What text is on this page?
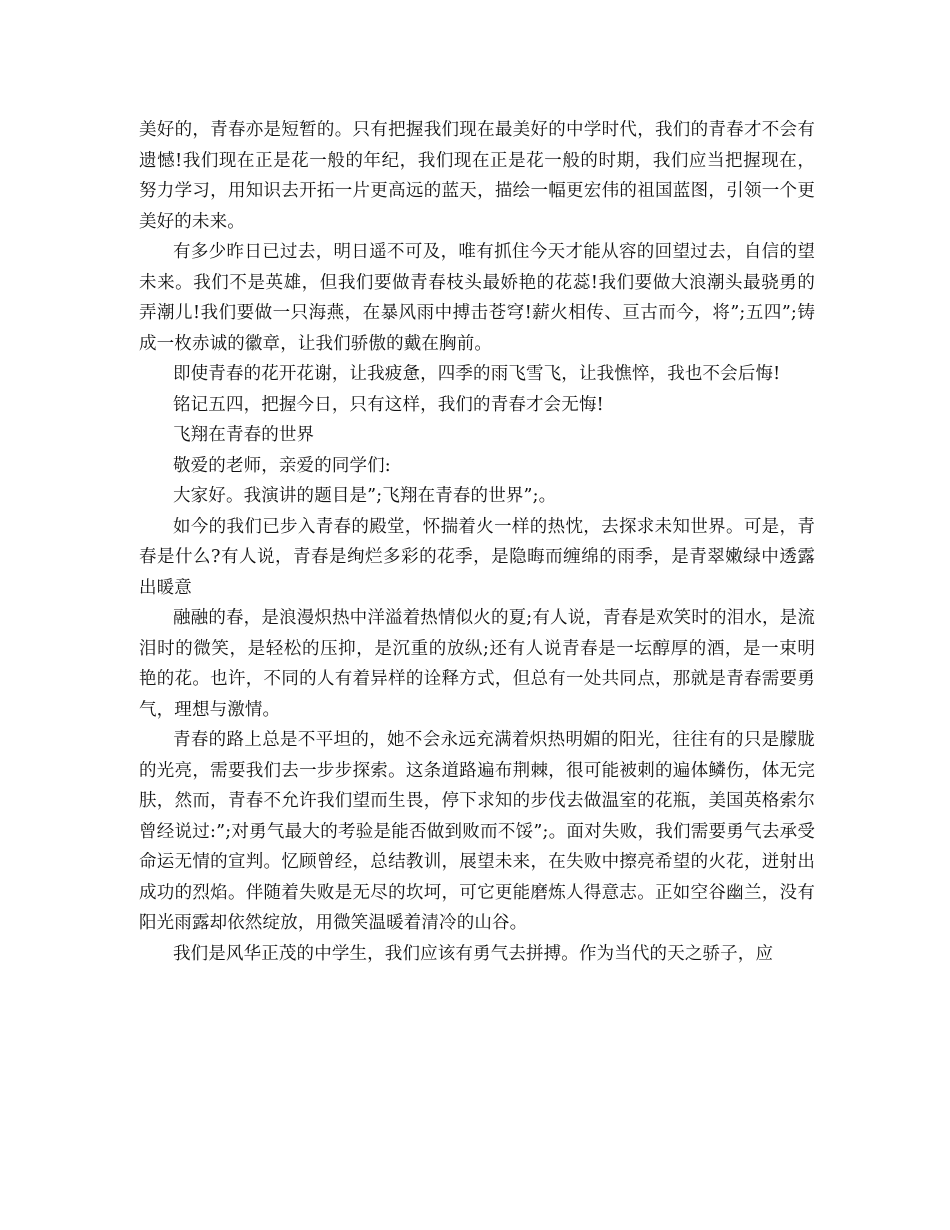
美好的，青春亦是短暂的。只有把握我们现在最美好的中学时代，我们的青春才不会有遗憾!我们现在正是花一般的年纪，我们现在正是花一般的时期，我们应当把握现在，努力学习，用知识去开拓一片更高远的蓝天，描绘一幅更宏伟的祖国蓝图，引领一个更美好的未来。

有多少昨日已过去，明日遥不可及，唯有抓住今天才能从容的回望过去，自信的望未来。我们不是英雄，但我们要做青春枝头最娇艳的花蕊!我们要做大浪潮头最骁勇的弄潮儿!我们要做一只海燕，在暴风雨中搏击苍穹!薪火相传、亘古而今，将”;五四”;铸成一枚赤诚的徽章，让我们骄傲的戴在胸前。

即使青春的花开花谢，让我疲惫，四季的雨飞雪飞，让我憔悴，我也不会后悔!

铭记五四，把握今日，只有这样，我们的青春才会无悔!

飞翔在青春的世界

敬爱的老师，亲爱的同学们:

大家好。我演讲的题目是”;飞翔在青春的世界”;。

如今的我们已步入青春的殿堂，怀揣着火一样的热忱，去探求未知世界。可是，青春是什么?有人说，青春是绚烂多彩的花季，是隐晦而缠绵的雨季，是青翠嫩绿中透露出暖意

融融的春，是浪漫炽热中洋溢着热情似火的夏;有人说，青春是欢笑时的泪水，是流泪时的微笑，是轻松的压抑，是沉重的放纵;还有人说青春是一坛醇厚的酒，是一束明艳的花。也许，不同的人有着异样的诠释方式，但总有一处共同点，那就是青春需要勇气，理想与激情。

青春的路上总是不平坦的，她不会永远充满着炽热明媚的阳光，往往有的只是朦胧的光亮，需要我们去一步步探索。这条道路遍布荆棘，很可能被刺的遍体鳞伤，体无完肤，然而，青春不允许我们望而生畏，停下求知的步伐去做温室的花瓶，美国英格索尔曾经说过:”;对勇气最大的考验是能否做到败而不馁”;。面对失败，我们需要勇气去承受命运无情的宣判。忆顾曾经，总结教训，展望未来，在失败中擦亮希望的火花，迸射出成功的烈焰。伴随着失败是无尽的坎坷，可它更能磨炼人得意志。正如空谷幽兰，没有阳光雨露却依然绽放，用微笑温暖着清冷的山谷。

我们是风华正茂的中学生，我们应该有勇气去拼搏。作为当代的天之骄子，应
